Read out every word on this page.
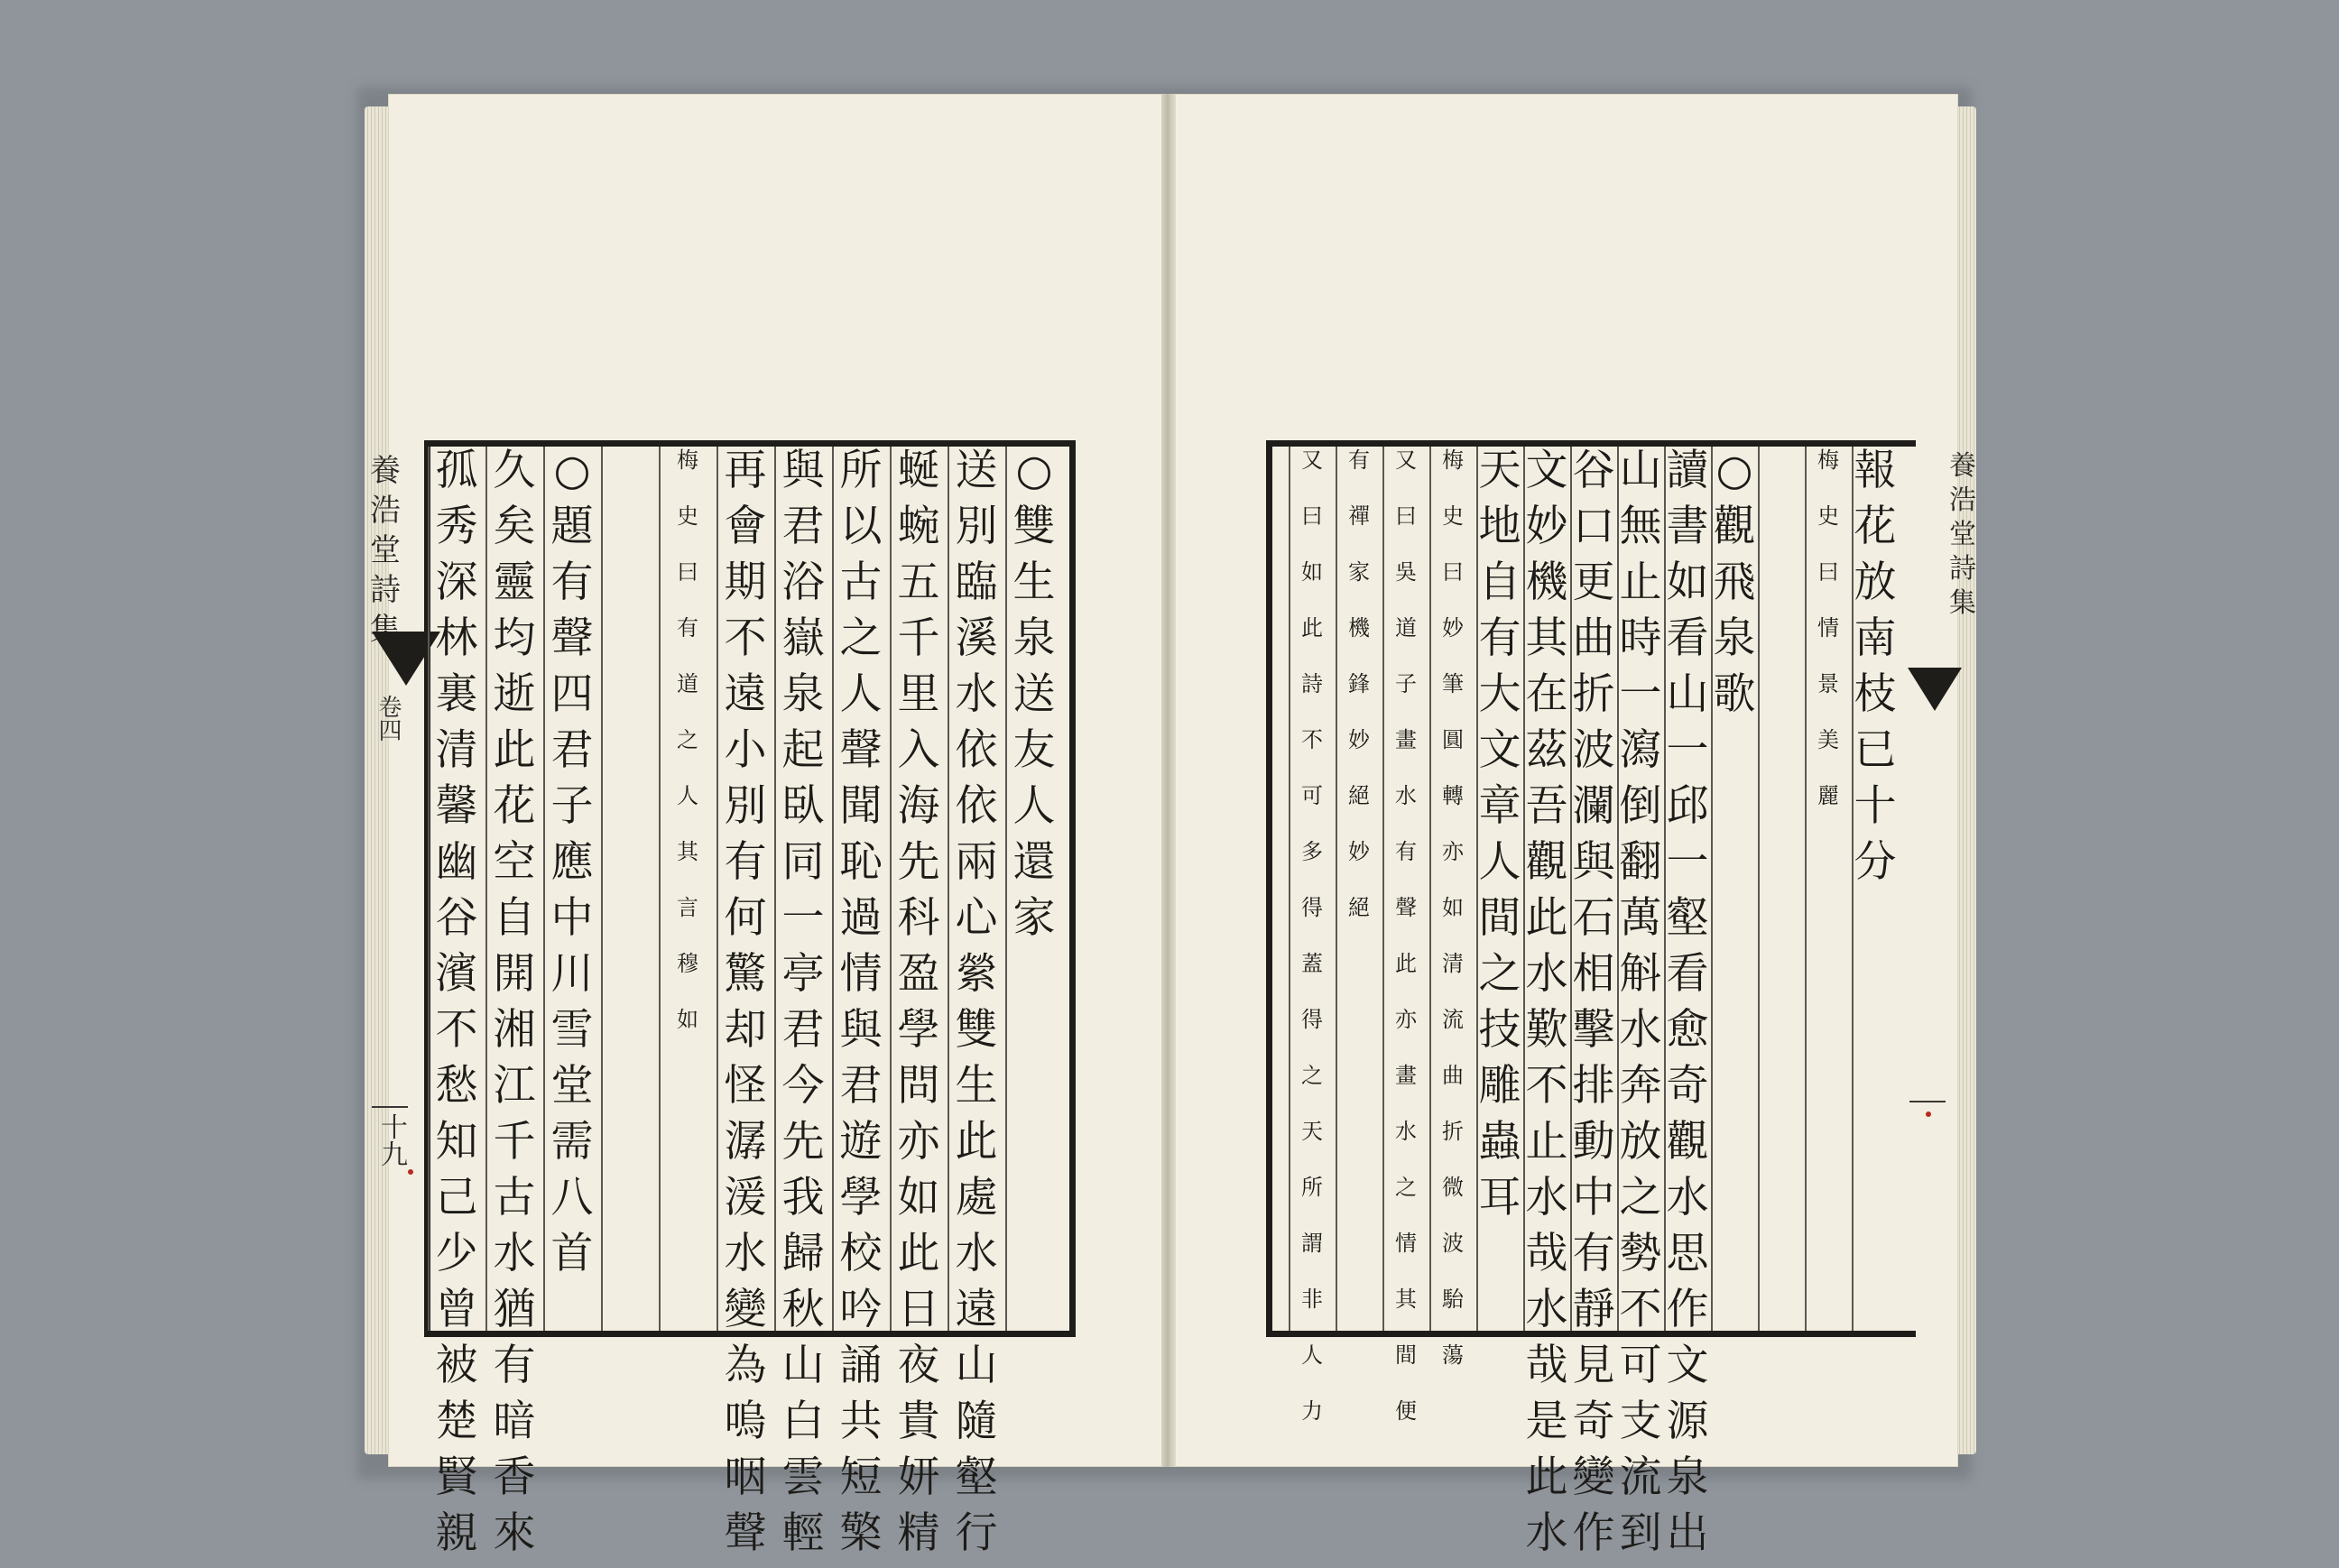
養
浩
堂
詩
集
卷四
十
九
養
浩
堂
詩
集
○
雙
生
泉
送
友
人
還
家
送
別
臨
溪
水
依
依
兩
心
縈
雙
生
此
處
水
遠
山
隨
壑
行
蜒
蜿
五
千
里
入
海
先
科
盈
學
問
亦
如
此
日
夜
貴
妍
精
所
以
古
之
人
聲
聞
恥
過
情
與
君
遊
學
校
吟
誦
共
短
檠
與
君
浴
嶽
泉
起
臥
同
一
亭
君
今
先
我
歸
秋
山
白
雲
輕
再
會
期
不
遠
小
別
有
何
驚
却
怪
潺
湲
水
變
為
嗚
咽
聲
梅
史
曰
有
道
之
人
其
言
穆
如
○
題
有
聲
四
君
子
應
中
川
雪
堂
需
八
首
久
矣
靈
均
逝
此
花
空
自
開
湘
江
千
古
水
猶
有
暗
香
來
孤
秀
深
林
裏
清
馨
幽
谷
濱
不
愁
知
己
少
曾
被
楚
賢
親
報
花
放
南
枝
已
十
分
梅
史
曰
情
景
美
麗
○
觀
飛
泉
歌
讀
書
如
看
山
一
邱
一
壑
看
愈
奇
觀
水
思
作
文
源
泉
出
山
無
止
時
一
瀉
倒
翻
萬
斛
水
奔
放
之
勢
不
可
支
流
到
谷
口
更
曲
折
波
瀾
與
石
相
擊
排
動
中
有
靜
見
奇
變
作
文
妙
機
其
在
茲
吾
觀
此
水
歎
不
止
水
哉
水
哉
是
此
水
天
地
自
有
大
文
章
人
間
之
技
雕
蟲
耳
梅
史
曰
妙
筆
圓
轉
亦
如
清
流
曲
折
微
波
駘
蕩
又
曰
吳
道
子
畫
水
有
聲
此
亦
畫
水
之
情
其
間
便
有
禪
家
機
鋒
妙
絕
妙
絕
又
曰
如
此
詩
不
可
多
得
蓋
得
之
天
所
謂
非
人
力
